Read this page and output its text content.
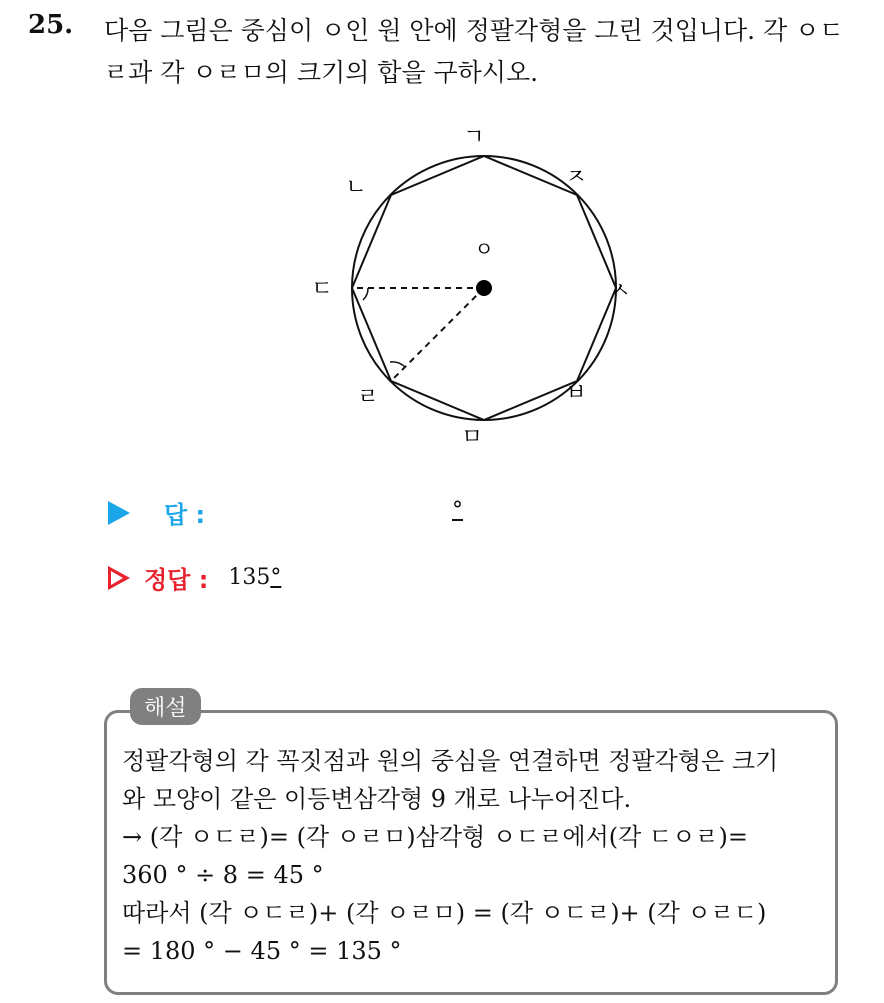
25. 다음 그림은 중심이 ㅇ인 원 안에 정팔각형을 그린 것입니다. 각 ㅇㄷ
ㄹ과 각 ㅇㄹㅁ의 크기의 합을 구하시오.
ㄱ
ㄴ
ㄷ
ㄹ
ㅁ
ㅂ
ㅅ
ㅈ
ㅇ
답 :	°
정답 : 135°
해설
정팔각형의 각 꼭짓점과 원의 중심을 연결하면 정팔각형은 크기
와 모양이 같은 이등변삼각형 9 개로 나누어진다.
→ (각 ㅇㄷㄹ)= (각 ㅇㄹㅁ)삼각형 ㅇㄷㄹ에서(각 ㄷㅇㄹ)=
360 ° ÷ 8 = 45 °
따라서 (각 ㅇㄷㄹ)+ (각 ㅇㄹㅁ) = (각 ㅇㄷㄹ)+ (각 ㅇㄹㄷ)
= 180 ° − 45 ° = 135 °
